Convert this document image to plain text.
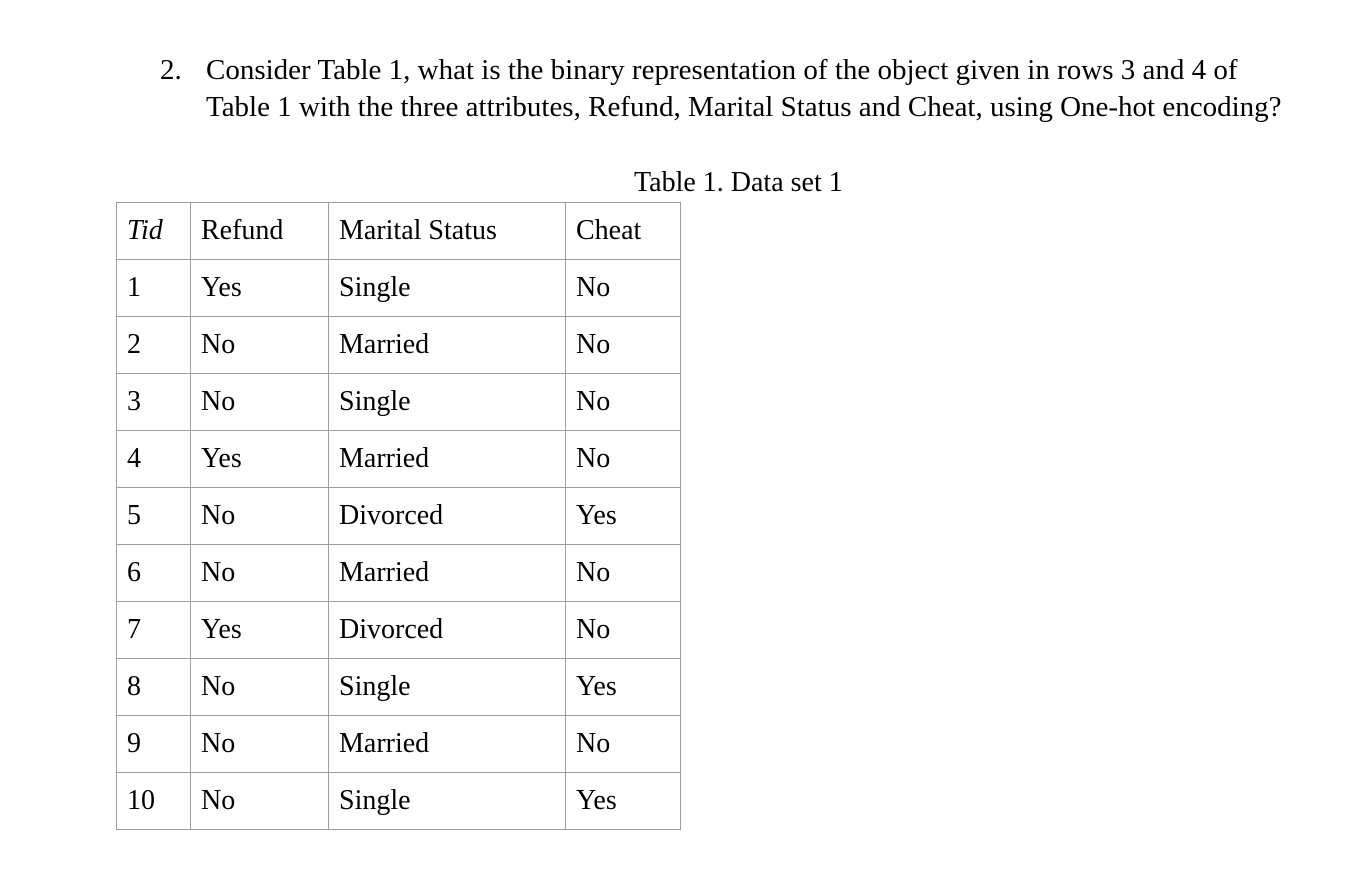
2. Consider Table 1, what is the binary representation of the object given in rows 3 and 4 of Table 1 with the three attributes, Refund, Marital Status and Cheat, using One-hot encoding?
Table 1. Data set 1
Tid	Refund	Marital Status	Cheat
1	Yes	Single	No
2	No	Married	No
3	No	Single	No
4	Yes	Married	No
5	No	Divorced	Yes
6	No	Married	No
7	Yes	Divorced	No
8	No	Single	Yes
9	No	Married	No
10	No	Single	Yes
